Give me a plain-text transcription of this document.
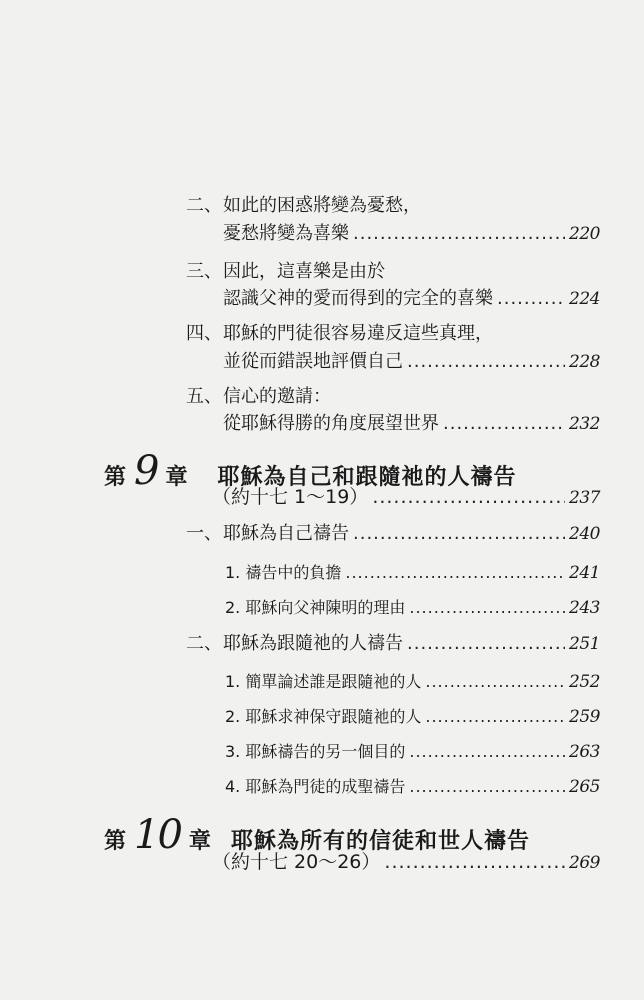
二、 如此的困惑將變為憂愁，
憂愁將變為喜樂 .....	220
三、 因此，這喜樂是由於
認識父神的愛而得到的完全的喜樂 .....	224
四、 耶穌的門徒很容易違反這些真理，
並從而錯誤地評價自己 .....	228
五、 信心的邀請：
從耶穌得勝的角度展望世界 .....	232
第 9 章 耶穌為自己和跟隨祂的人禱告
（約十七 1～19） .....	237
一、 耶穌為自己禱告 .....	240
1. 禱告中的負擔 .....	241
2. 耶穌向父神陳明的理由 .....	243
二、 耶穌為跟隨祂的人禱告 .....	251
1. 簡單論述誰是跟隨祂的人 .....	252
2. 耶穌求神保守跟隨祂的人 .....	259
3. 耶穌禱告的另一個目的 .....	263
4. 耶穌為門徒的成聖禱告 .....	265
第 10 章 耶穌為所有的信徒和世人禱告
（約十七 20～26） .....	269
